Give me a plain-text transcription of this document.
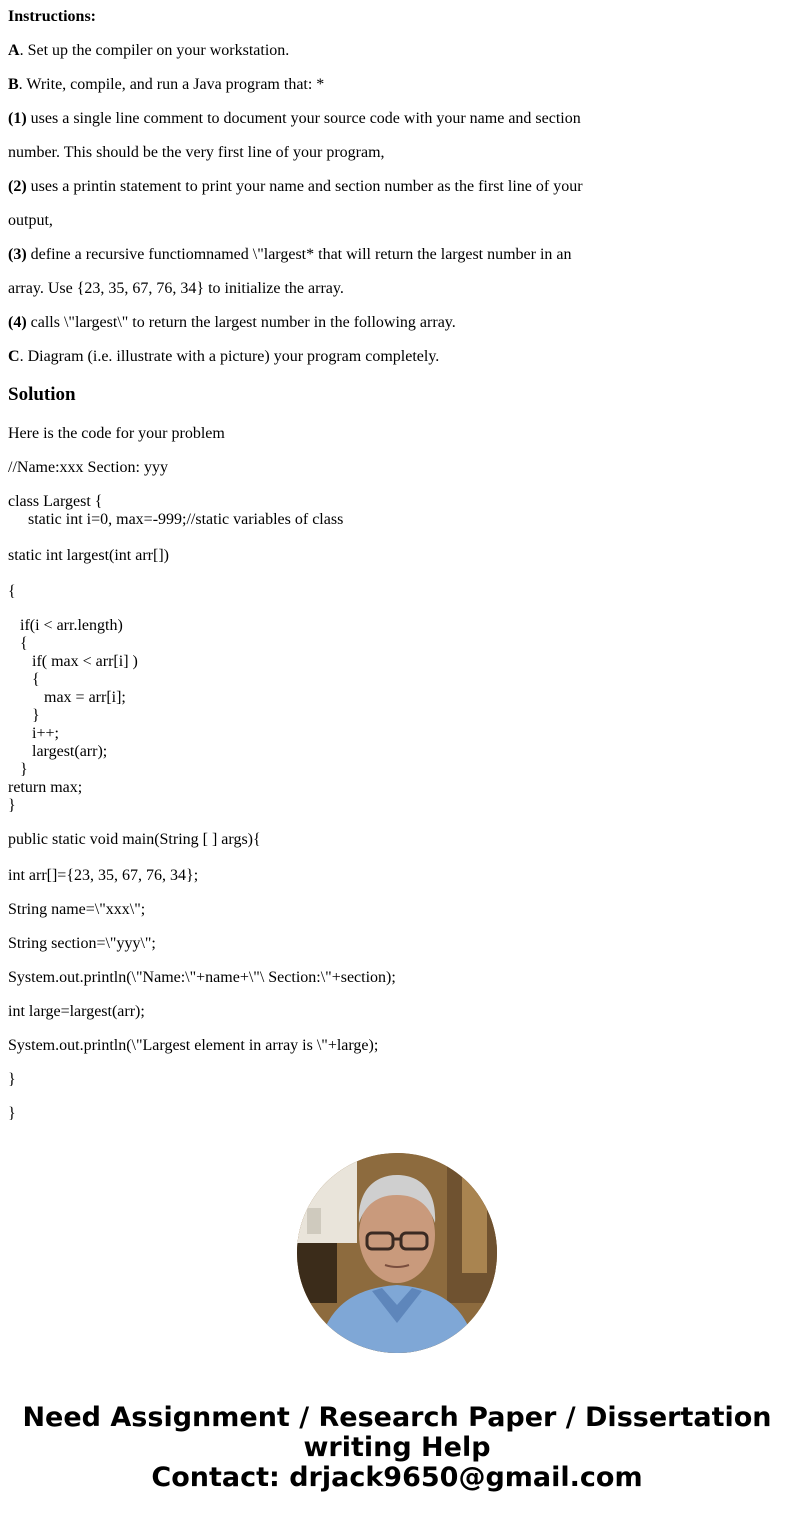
Instructions:
A. Set up the compiler on your workstation.
B. Write, compile, and run a Java program that: *
(1) uses a single line comment to document your source code with your name and section
number. This should be the very first line of your program,
(2) uses a printin statement to print your name and section number as the first line of your
output,
(3) define a recursive functiomnamed \"largest* that will return the largest number in an
array. Use {23, 35, 67, 76, 34} to initialize the array.
(4) calls \"largest\" to return the largest number in the following array.
C. Diagram (i.e. illustrate with a picture) your program completely.
Solution
Here is the code for your problem
//Name:xxx Section: yyy
class Largest {
static int i=0, max=-999;//static variables of class
static int largest(int arr[])
{
if(i < arr.length)
{
if( max < arr[i] )
{
max = arr[i];
}
i++;
largest(arr);
}
return max;
}
public static void main(String [ ] args){
int arr[]={23, 35, 67, 76, 34};
String name=\"xxx\";
String section=\"yyy\";
System.out.println(\"Name:\"+name+\"\ Section:\"+section);
int large=largest(arr);
System.out.println(\"Largest element in array is \"+large);
}
}
Need Assignment / Research Paper / Dissertation
writing Help
Contact: drjack9650@gmail.com
